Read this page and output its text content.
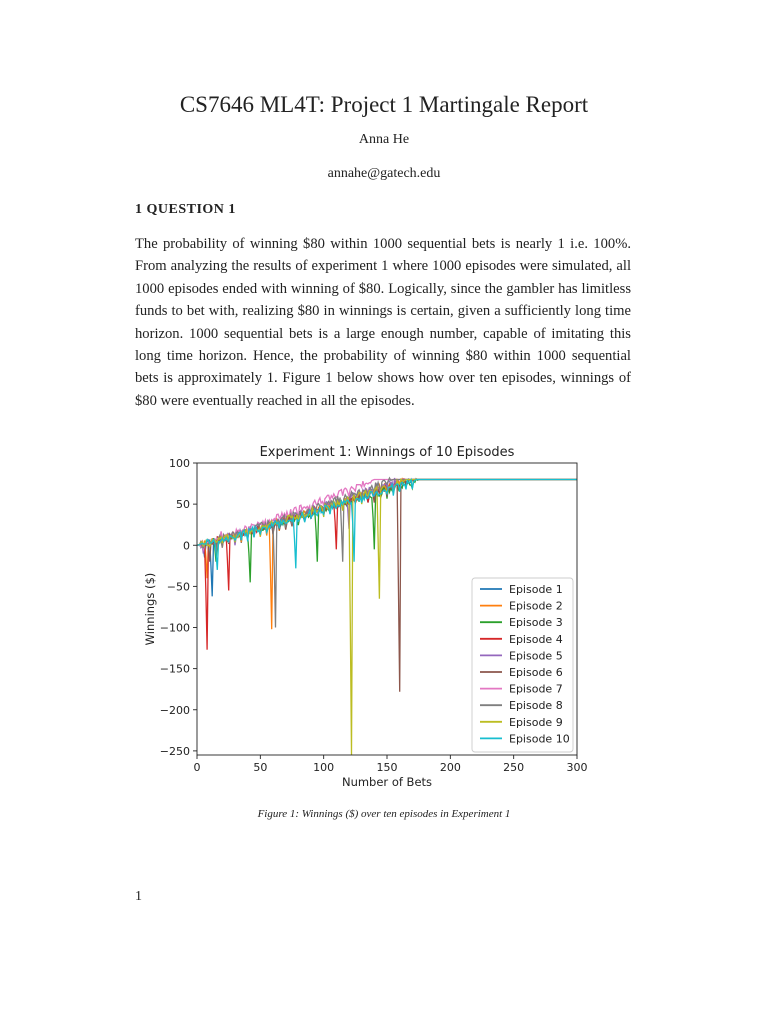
CS7646 ML4T: Project 1 Martingale Report
Anna He
annahe@gatech.edu
1 QUESTION 1

The probability of winning $80 within 1000 sequential bets is nearly 1 i.e. 100%. From analyzing the results of experiment 1 where 1000 episodes were simulated, all 1000 episodes ended with winning of $80. Logically, since the gambler has limitless funds to bet with, realizing $80 in winnings is certain, given a sufficiently long time horizon. 1000 sequential bets is a large enough number, capable of imitating this long time horizon. Hence, the probability of winning $80 within 1000 sequential bets is approximately 1. Figure 1 below shows how over ten episodes, winnings of $80 were eventually reached in all the episodes.

Experiment 1: Winnings of 10 Episodes
0	50	100	150	200	250	300
100
50
0
−50
−100
−150
−200
−250
Number of Bets
Winnings ($)	Episode 1
Episode 2
Episode 3
Episode 4
Episode 5
Episode 6
Episode 7
Episode 8
Episode 9
Episode 10
Figure 1: Winnings ($) over ten episodes in Experiment 1
1
